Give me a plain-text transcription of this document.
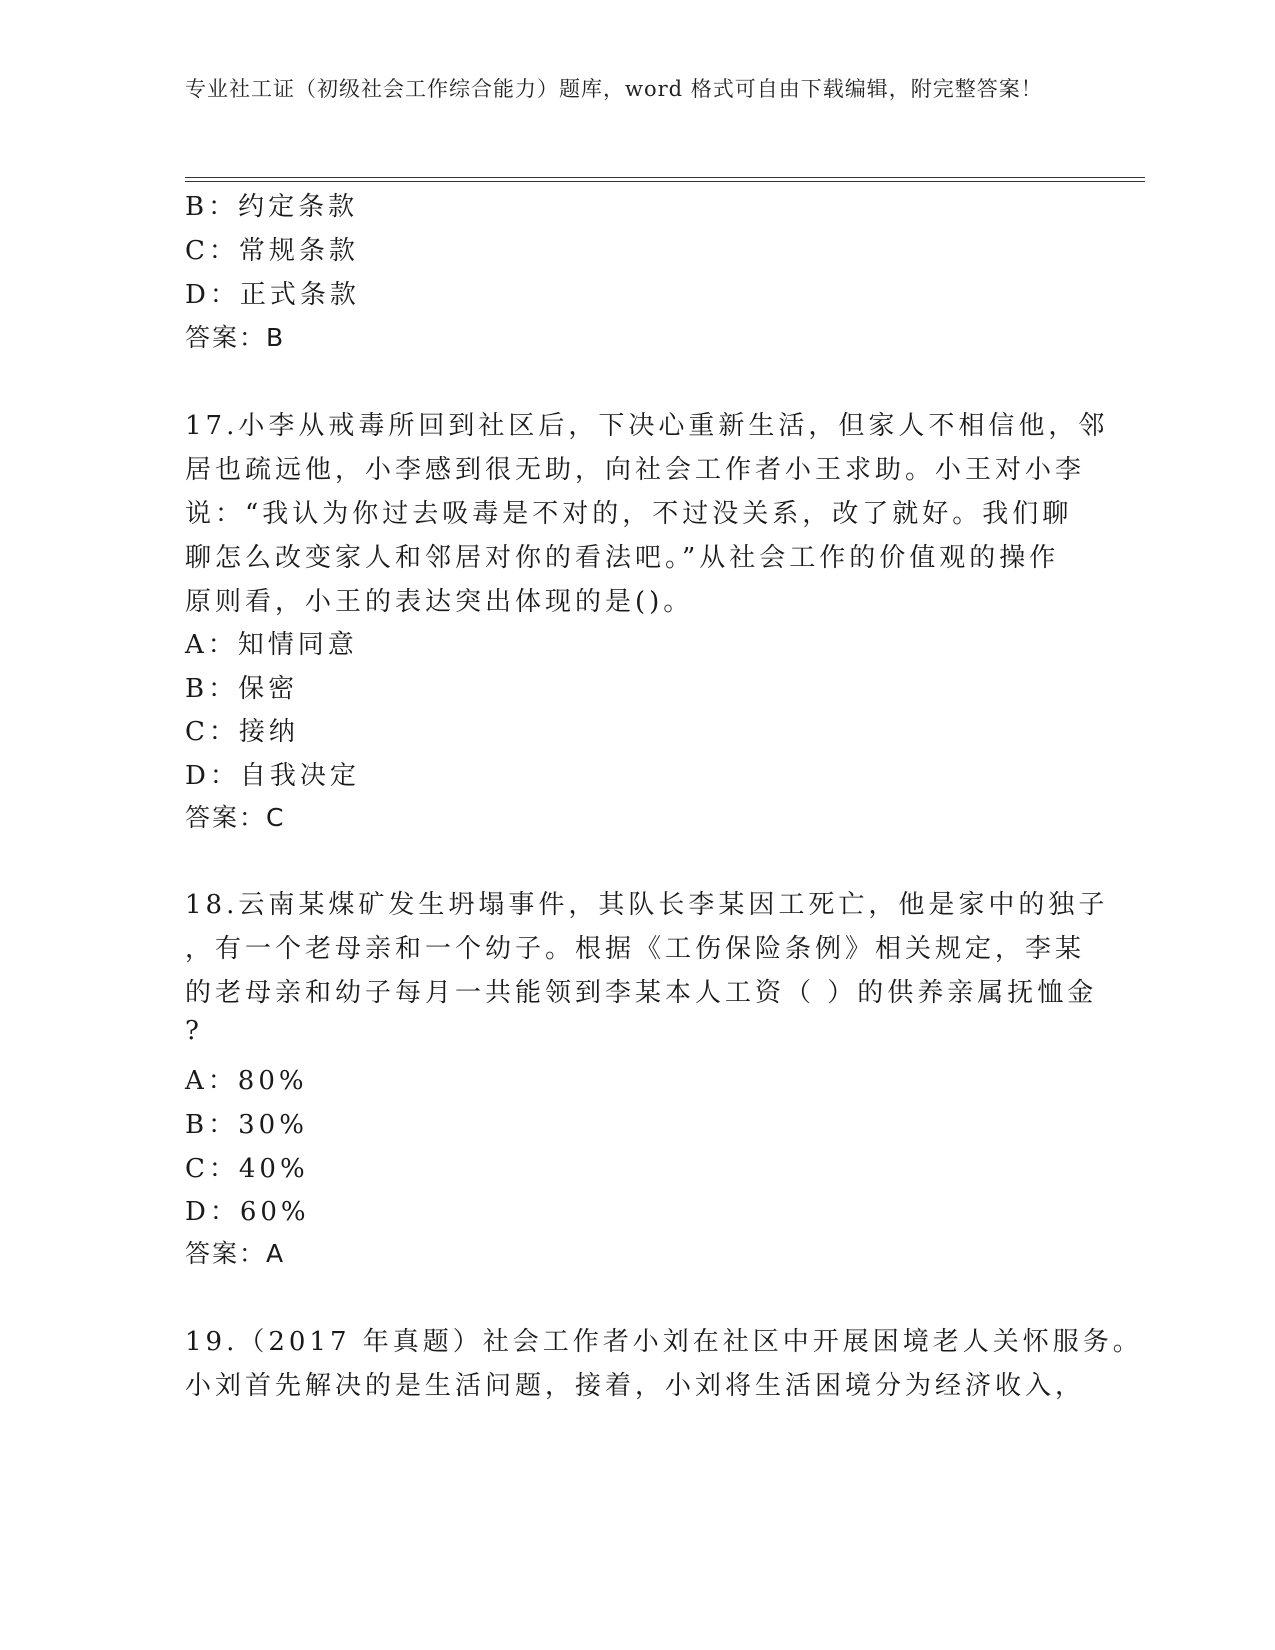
专业社工证（初级社会工作综合能力）题库，word 格式可自由下载编辑，附完整答案！
B：约定条款
C：常规条款
D：正式条款
答案：B
17.小李从戒毒所回到社区后，下决心重新生活，但家人不相信他，邻
居也疏远他，小李感到很无助，向社会工作者小王求助。小王对小李
说：“我认为你过去吸毒是不对的，不过没关系，改了就好。我们聊
聊怎么改变家人和邻居对你的看法吧。”从社会工作的价值观的操作
原则看，小王的表达突出体现的是()。
A：知情同意
B：保密
C：接纳
D：自我决定
答案：C
18.云南某煤矿发生坍塌事件，其队长李某因工死亡，他是家中的独子
，有一个老母亲和一个幼子。根据《工伤保险条例》相关规定，李某
的老母亲和幼子每月一共能领到李某本人工资（ ）的供养亲属抚恤金
?
A：80%
B：30%
C：40%
D：60%
答案：A
19.（2017 年真题）社会工作者小刘在社区中开展困境老人关怀服务。
小刘首先解决的是生活问题，接着，小刘将生活困境分为经济收入，
